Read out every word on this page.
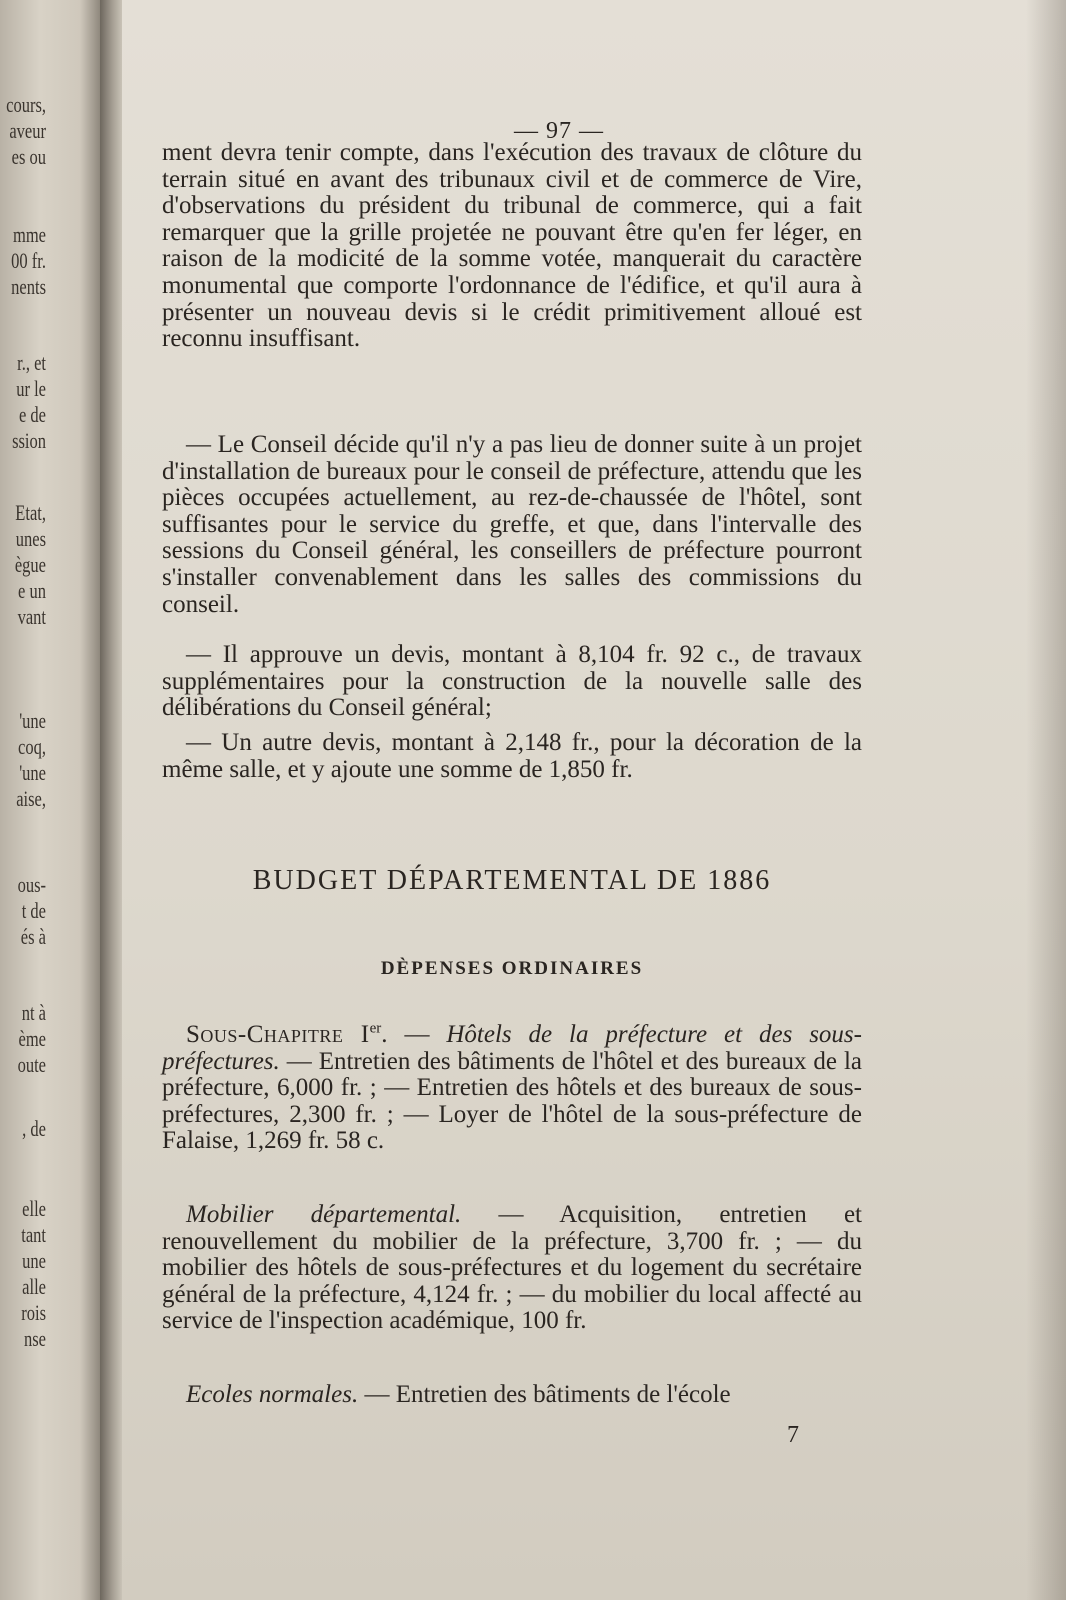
cours,
aveur
es ou
mme
00 fr.
nents
r., et
ur le
e de
ssion
Etat,
unes
ègue
e un
vant
'une
coq,
'une
aise,
ous-
t de
és à
nt à
ème
oute
, de
elle
tant
une
alle
rois
nse
— 97 —

ment devra tenir compte, dans l'exécution des travaux de clôture du terrain situé en avant des tribunaux civil et de commerce de Vire, d'observations du président du tribunal de commerce, qui a fait remarquer que la grille projetée ne pouvant être qu'en fer léger, en raison de la modicité de la somme votée, manquerait du caractère monumental que comporte l'ordonnance de l'édifice, et qu'il aura à présenter un nouveau devis si le crédit primitivement alloué est reconnu insuffisant.

— Le Conseil décide qu'il n'y a pas lieu de donner suite à un projet d'installation de bureaux pour le conseil de préfecture, attendu que les pièces occupées actuellement, au rez-de-chaussée de l'hôtel, sont suffisantes pour le service du greffe, et que, dans l'intervalle des sessions du Conseil général, les conseillers de préfecture pourront s'installer convenablement dans les salles des commissions du conseil.

— Il approuve un devis, montant à 8,104 fr. 92 c., de travaux supplémentaires pour la construction de la nouvelle salle des délibérations du Conseil général;

— Un autre devis, montant à 2,148 fr., pour la décoration de la même salle, et y ajoute une somme de 1,850 fr.

BUDGET DÉPARTEMENTAL DE 1886
DÈPENSES ORDINAIRES

Sous-Chapitre Ier. — Hôtels de la préfecture et des sous-préfectures. — Entretien des bâtiments de l'hôtel et des bureaux de la préfecture, 6,000 fr. ; — Entretien des hôtels et des bureaux de sous-préfectures, 2,300 fr. ; — Loyer de l'hôtel de la sous-préfecture de Falaise, 1,269 fr. 58 c.

Mobilier départemental. — Acquisition, entretien et renouvellement du mobilier de la préfecture, 3,700 fr. ; — du mobilier des hôtels de sous-préfectures et du logement du secrétaire général de la préfecture, 4,124 fr. ; — du mobilier du local affecté au service de l'inspection académique, 100 fr.

Ecoles normales. — Entretien des bâtiments de l'école

7
